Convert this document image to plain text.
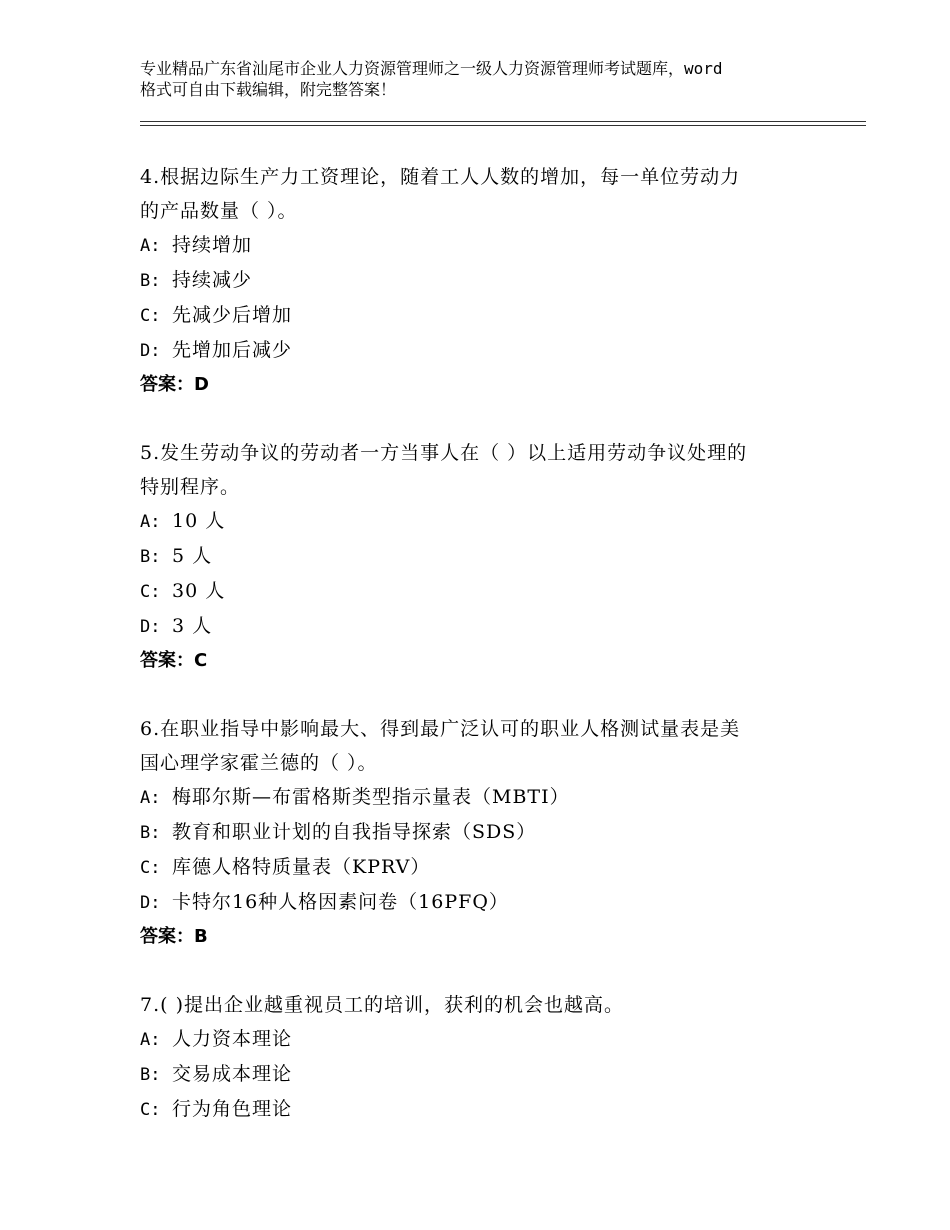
专业精品广东省汕尾市企业人力资源管理师之一级人力资源管理师考试题库，word
格式可自由下载编辑，附完整答案！
4.根据边际生产力工资理论，随着工人人数的增加，每一单位劳动力
的产品数量（ ）。
A: 持续增加
B: 持续减少
C: 先减少后增加
D: 先增加后减少
答案：D
5.发生劳动争议的劳动者一方当事人在（ ）以上适用劳动争议处理的
特别程序。
A: 10 人
B: 5 人
C: 30 人
D: 3 人
答案：C
6.在职业指导中影响最大、得到最广泛认可的职业人格测试量表是美
国心理学家霍兰德的（ ）。
A: 梅耶尔斯—布雷格斯类型指示量表（MBTI）
B: 教育和职业计划的自我指导探索（SDS）
C: 库德人格特质量表（KPRV）
D: 卡特尔16种人格因素问卷（16PFQ）
答案：B
7.( )提出企业越重视员工的培训，获利的机会也越高。
A: 人力资本理论
B: 交易成本理论
C: 行为角色理论
